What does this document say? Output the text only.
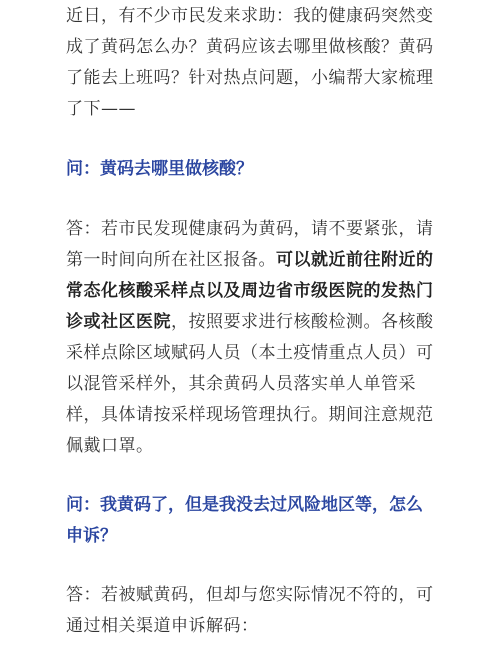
近日，有不少市民发来求助：我的健康码突然变
成了黄码怎么办？黄码应该去哪里做核酸？黄码
了能去上班吗？针对热点问题，小编帮大家梳理
了下——

问：黄码去哪里做核酸？

答：若市民发现健康码为黄码，请不要紧张，请
第一时间向所在社区报备。可以就近前往附近的
常态化核酸采样点以及周边省市级医院的发热门
诊或社区医院，按照要求进行核酸检测。各核酸
采样点除区域赋码人员（本土疫情重点人员）可
以混管采样外，其余黄码人员落实单人单管采
样，具体请按采样现场管理执行。期间注意规范
佩戴口罩。

问：我黄码了，但是我没去过风险地区等，怎么
申诉？

答：若被赋黄码，但却与您实际情况不符的，可
通过相关渠道申诉解码：
